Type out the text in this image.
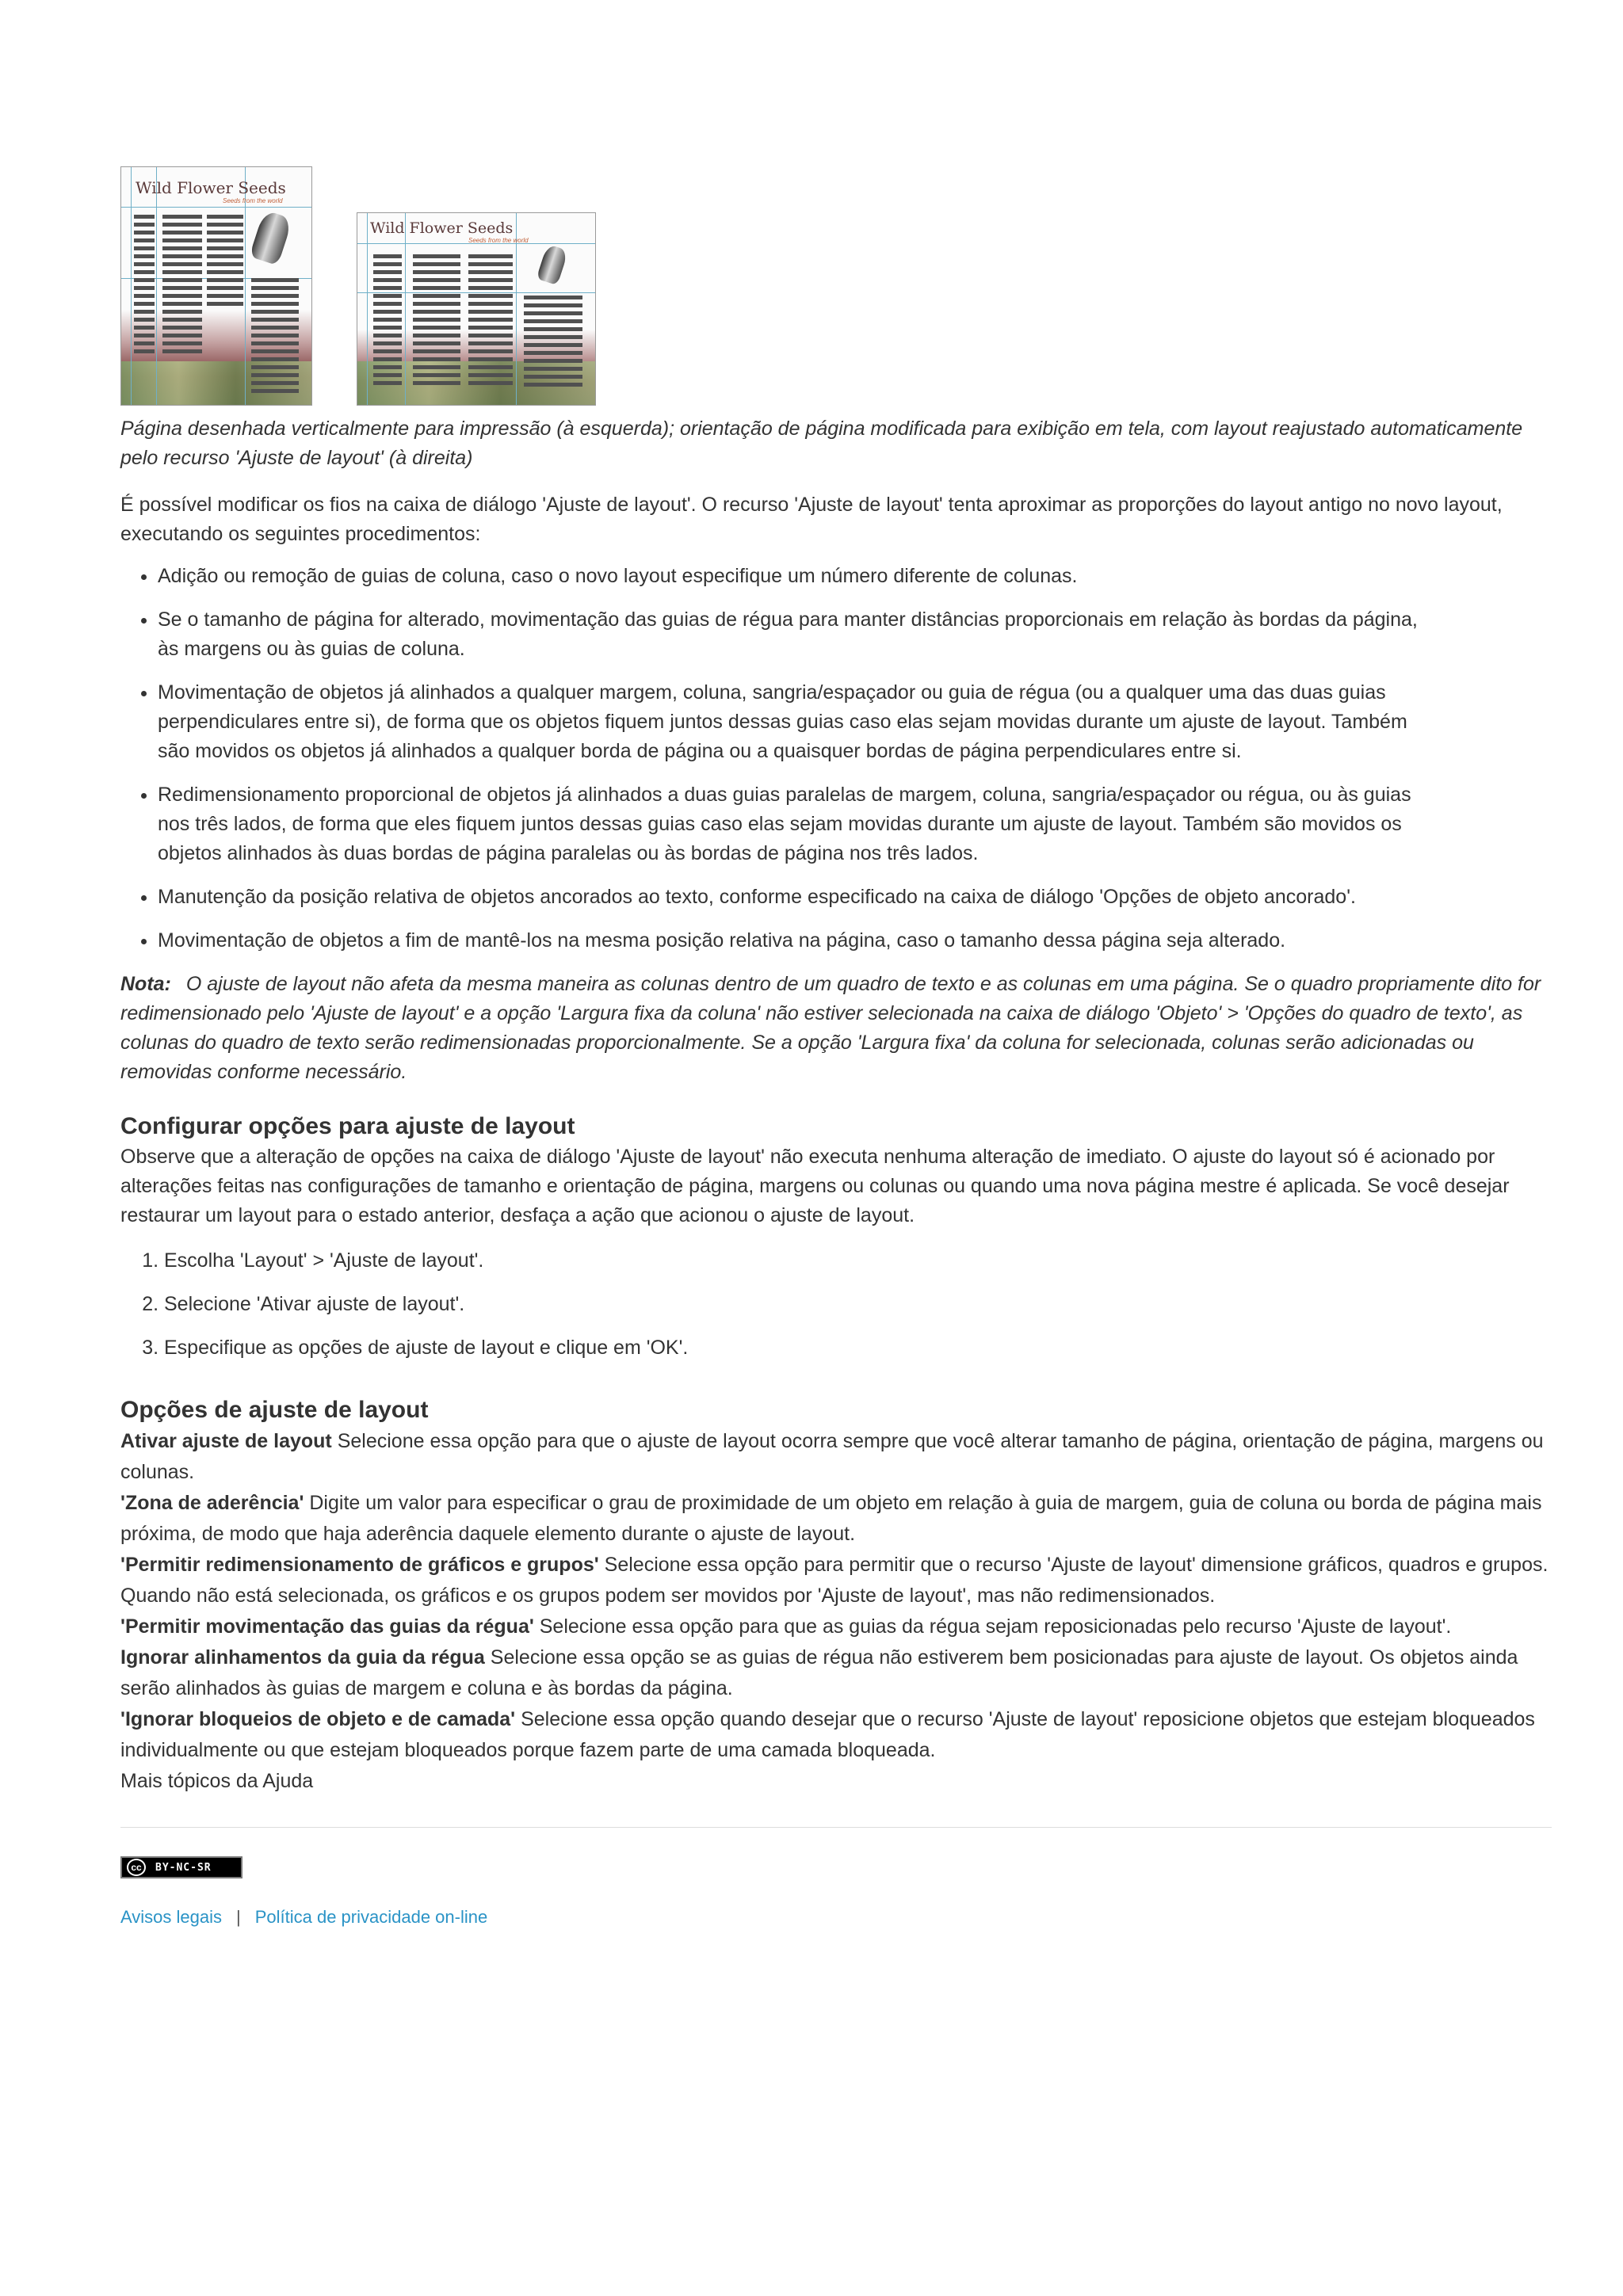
Wild Flower Seeds
Seeds from the world
Wild Flower Seeds
Seeds from the world
Página desenhada verticalmente para impressão (à esquerda); orientação de página modificada para exibição em tela, com layout reajustado automaticamente pelo recurso 'Ajuste de layout' (à direita)

É possível modificar os fios na caixa de diálogo 'Ajuste de layout'. O recurso 'Ajuste de layout' tenta aproximar as proporções do layout antigo no novo layout, executando os seguintes procedimentos:

• Adição ou remoção de guias de coluna, caso o novo layout especifique um número diferente de colunas.
• Se o tamanho de página for alterado, movimentação das guias de régua para manter distâncias proporcionais em relação às bordas da página, às margens ou às guias de coluna.
• Movimentação de objetos já alinhados a qualquer margem, coluna, sangria/espaçador ou guia de régua (ou a qualquer uma das duas guias perpendiculares entre si), de forma que os objetos fiquem juntos dessas guias caso elas sejam movidas durante um ajuste de layout. Também são movidos os objetos já alinhados a qualquer borda de página ou a quaisquer bordas de página perpendiculares entre si.
• Redimensionamento proporcional de objetos já alinhados a duas guias paralelas de margem, coluna, sangria/espaçador ou régua, ou às guias nos três lados, de forma que eles fiquem juntos dessas guias caso elas sejam movidas durante um ajuste de layout. Também são movidos os objetos alinhados às duas bordas de página paralelas ou às bordas de página nos três lados.
• Manutenção da posição relativa de objetos ancorados ao texto, conforme especificado na caixa de diálogo 'Opções de objeto ancorado'.
• Movimentação de objetos a fim de mantê-los na mesma posição relativa na página, caso o tamanho dessa página seja alterado.
Nota: O ajuste de layout não afeta da mesma maneira as colunas dentro de um quadro de texto e as colunas em uma página. Se o quadro propriamente dito for redimensionado pelo 'Ajuste de layout' e a opção 'Largura fixa da coluna' não estiver selecionada na caixa de diálogo 'Objeto' > 'Opções do quadro de texto', as colunas do quadro de texto serão redimensionadas proporcionalmente. Se a opção 'Largura fixa' da coluna for selecionada, colunas serão adicionadas ou removidas conforme necessário.
Configurar opções para ajuste de layout

Observe que a alteração de opções na caixa de diálogo 'Ajuste de layout' não executa nenhuma alteração de imediato. O ajuste do layout só é acionado por alterações feitas nas configurações de tamanho e orientação de página, margens ou colunas ou quando uma nova página mestre é aplicada. Se você desejar restaurar um layout para o estado anterior, desfaça a ação que acionou o ajuste de layout.

1. Escolha 'Layout' > 'Ajuste de layout'.
2. Selecione 'Ativar ajuste de layout'.
3. Especifique as opções de ajuste de layout e clique em 'OK'.
Opções de ajuste de layout

Ativar ajuste de layout Selecione essa opção para que o ajuste de layout ocorra sempre que você alterar tamanho de página, orientação de página, margens ou colunas.

'Zona de aderência' Digite um valor para especificar o grau de proximidade de um objeto em relação à guia de margem, guia de coluna ou borda de página mais próxima, de modo que haja aderência daquele elemento durante o ajuste de layout.

'Permitir redimensionamento de gráficos e grupos' Selecione essa opção para permitir que o recurso 'Ajuste de layout' dimensione gráficos, quadros e grupos. Quando não está selecionada, os gráficos e os grupos podem ser movidos por 'Ajuste de layout', mas não redimensionados.

'Permitir movimentação das guias da régua' Selecione essa opção para que as guias da régua sejam reposicionadas pelo recurso 'Ajuste de layout'.

Ignorar alinhamentos da guia da régua Selecione essa opção se as guias de régua não estiverem bem posicionadas para ajuste de layout. Os objetos ainda serão alinhados às guias de margem e coluna e às bordas da página.

'Ignorar bloqueios de objeto e de camada' Selecione essa opção quando desejar que o recurso 'Ajuste de layout' reposicione objetos que estejam bloqueados individualmente ou que estejam bloqueados porque fazem parte de uma camada bloqueada.

Mais tópicos da Ajuda

cc	BY-NC-SR
Avisos legais | Política de privacidade on-line
